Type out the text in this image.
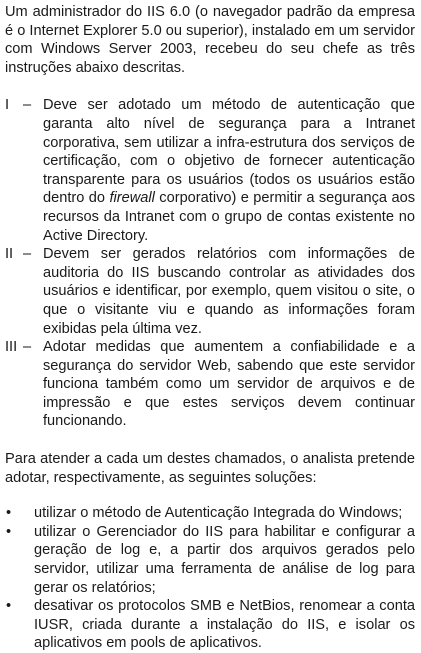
Um administrador do IIS 6.0 (o navegador padrão da empresa é o Internet Explorer 5.0 ou superior), instalado em um servidor com Windows Server 2003, recebeu do seu chefe as três instruções abaixo descritas.

I – Deve ser adotado um método de autenticação que garanta alto nível de segurança para a Intranet corporativa, sem utilizar a infra-estrutura dos serviços de certificação, com o objetivo de fornecer autenticação transparente para os usuários (todos os usuários estão dentro do firewall corporativo) e permitir a segurança aos recursos da Intranet com o grupo de contas existente no Active Directory.
II – Devem ser gerados relatórios com informações de auditoria do IIS buscando controlar as atividades dos usuários e identificar, por exemplo, quem visitou o site, o que o visitante viu e quando as informações foram exibidas pela última vez.
III – Adotar medidas que aumentem a confiabilidade e a segurança do servidor Web, sabendo que este servidor funciona também como um servidor de arquivos e de impressão e que estes serviços devem continuar funcionando.

Para atender a cada um destes chamados, o analista pretende adotar, respectivamente, as seguintes soluções:

•	utilizar o método de Autenticação Integrada do Windows;
•	utilizar o Gerenciador do IIS para habilitar e configurar a geração de log e, a partir dos arquivos gerados pelo servidor, utilizar uma ferramenta de análise de log para gerar os relatórios;
•	desativar os protocolos SMB e NetBios, renomear a conta IUSR, criada durante a instalação do IIS, e isolar os aplicativos em pools de aplicativos.
